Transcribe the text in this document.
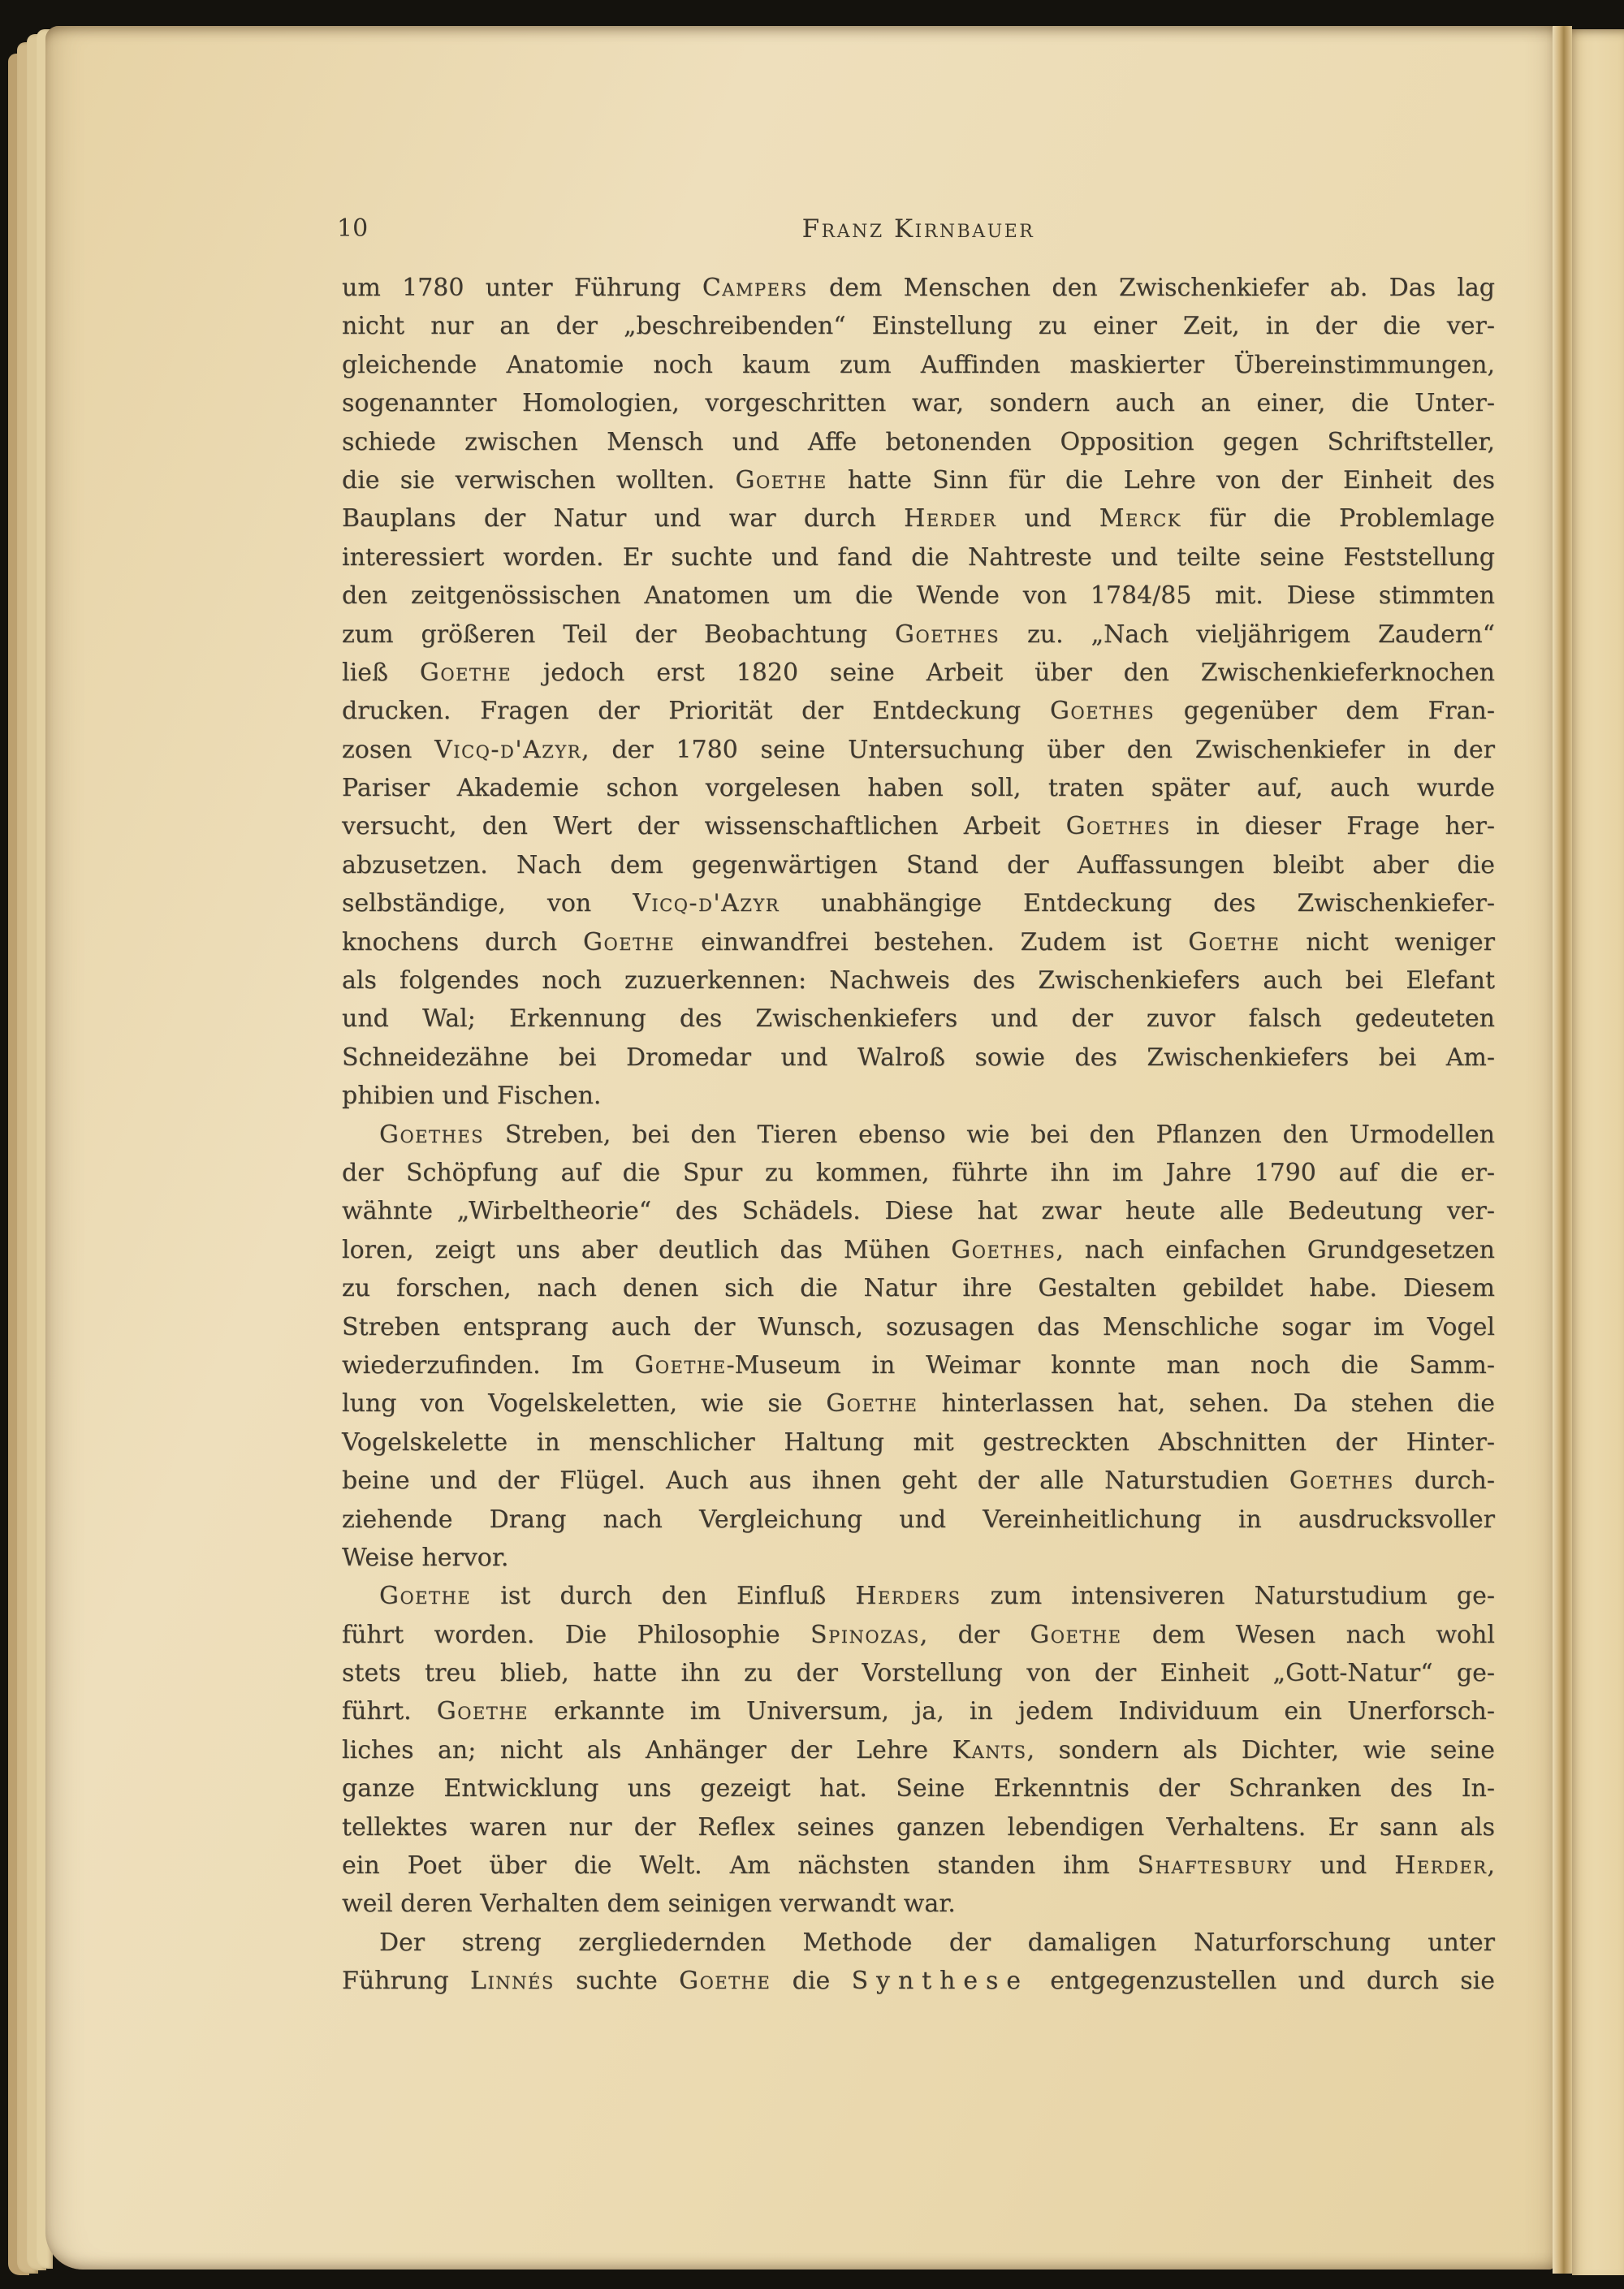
10	Franz Kirnbauer
um 1780 unter Führung Campers dem Menschen den Zwischenkiefer ab. Das lag
nicht nur an der „beschreibenden“ Einstellung zu einer Zeit, in der die ver-
gleichende Anatomie noch kaum zum Auffinden maskierter Übereinstimmungen,
sogenannter Homologien, vorgeschritten war, sondern auch an einer, die Unter-
schiede zwischen Mensch und Affe betonenden Opposition gegen Schriftsteller,
die sie verwischen wollten. Goethe hatte Sinn für die Lehre von der Einheit des
Bauplans der Natur und war durch Herder und Merck für die Problemlage
interessiert worden. Er suchte und fand die Nahtreste und teilte seine Feststellung
den zeitgenössischen Anatomen um die Wende von 1784/85 mit. Diese stimmten
zum größeren Teil der Beobachtung Goethes zu. „Nach vieljährigem Zaudern“
ließ Goethe jedoch erst 1820 seine Arbeit über den Zwischenkieferknochen
drucken. Fragen der Priorität der Entdeckung Goethes gegenüber dem Fran-
zosen Vicq-d'Azyr, der 1780 seine Untersuchung über den Zwischenkiefer in der
Pariser Akademie schon vorgelesen haben soll, traten später auf, auch wurde
versucht, den Wert der wissenschaftlichen Arbeit Goethes in dieser Frage her-
abzusetzen. Nach dem gegenwärtigen Stand der Auffassungen bleibt aber die
selbständige, von Vicq-d'Azyr unabhängige Entdeckung des Zwischenkiefer-
knochens durch Goethe einwandfrei bestehen. Zudem ist Goethe nicht weniger
als folgendes noch zuzuerkennen: Nachweis des Zwischenkiefers auch bei Elefant
und Wal; Erkennung des Zwischenkiefers und der zuvor falsch gedeuteten
Schneidezähne bei Dromedar und Walroß sowie des Zwischenkiefers bei Am-
phibien und Fischen.
Goethes Streben, bei den Tieren ebenso wie bei den Pflanzen den Urmodellen
der Schöpfung auf die Spur zu kommen, führte ihn im Jahre 1790 auf die er-
wähnte „Wirbeltheorie“ des Schädels. Diese hat zwar heute alle Bedeutung ver-
loren, zeigt uns aber deutlich das Mühen Goethes, nach einfachen Grundgesetzen
zu forschen, nach denen sich die Natur ihre Gestalten gebildet habe. Diesem
Streben entsprang auch der Wunsch, sozusagen das Menschliche sogar im Vogel
wiederzufinden. Im Goethe-Museum in Weimar konnte man noch die Samm-
lung von Vogelskeletten, wie sie Goethe hinterlassen hat, sehen. Da stehen die
Vogelskelette in menschlicher Haltung mit gestreckten Abschnitten der Hinter-
beine und der Flügel. Auch aus ihnen geht der alle Naturstudien Goethes durch-
ziehende Drang nach Vergleichung und Vereinheitlichung in ausdrucksvoller
Weise hervor.
Goethe ist durch den Einfluß Herders zum intensiveren Naturstudium ge-
führt worden. Die Philosophie Spinozas, der Goethe dem Wesen nach wohl
stets treu blieb, hatte ihn zu der Vorstellung von der Einheit „Gott-Natur“ ge-
führt. Goethe erkannte im Universum, ja, in jedem Individuum ein Unerforsch-
liches an; nicht als Anhänger der Lehre Kants, sondern als Dichter, wie seine
ganze Entwicklung uns gezeigt hat. Seine Erkenntnis der Schranken des In-
tellektes waren nur der Reflex seines ganzen lebendigen Verhaltens. Er sann als
ein Poet über die Welt. Am nächsten standen ihm Shaftesbury und Herder,
weil deren Verhalten dem seinigen verwandt war.
Der streng zergliedernden Methode der damaligen Naturforschung unter
Führung Linnés suchte Goethe die Synthese entgegenzustellen und durch sie
